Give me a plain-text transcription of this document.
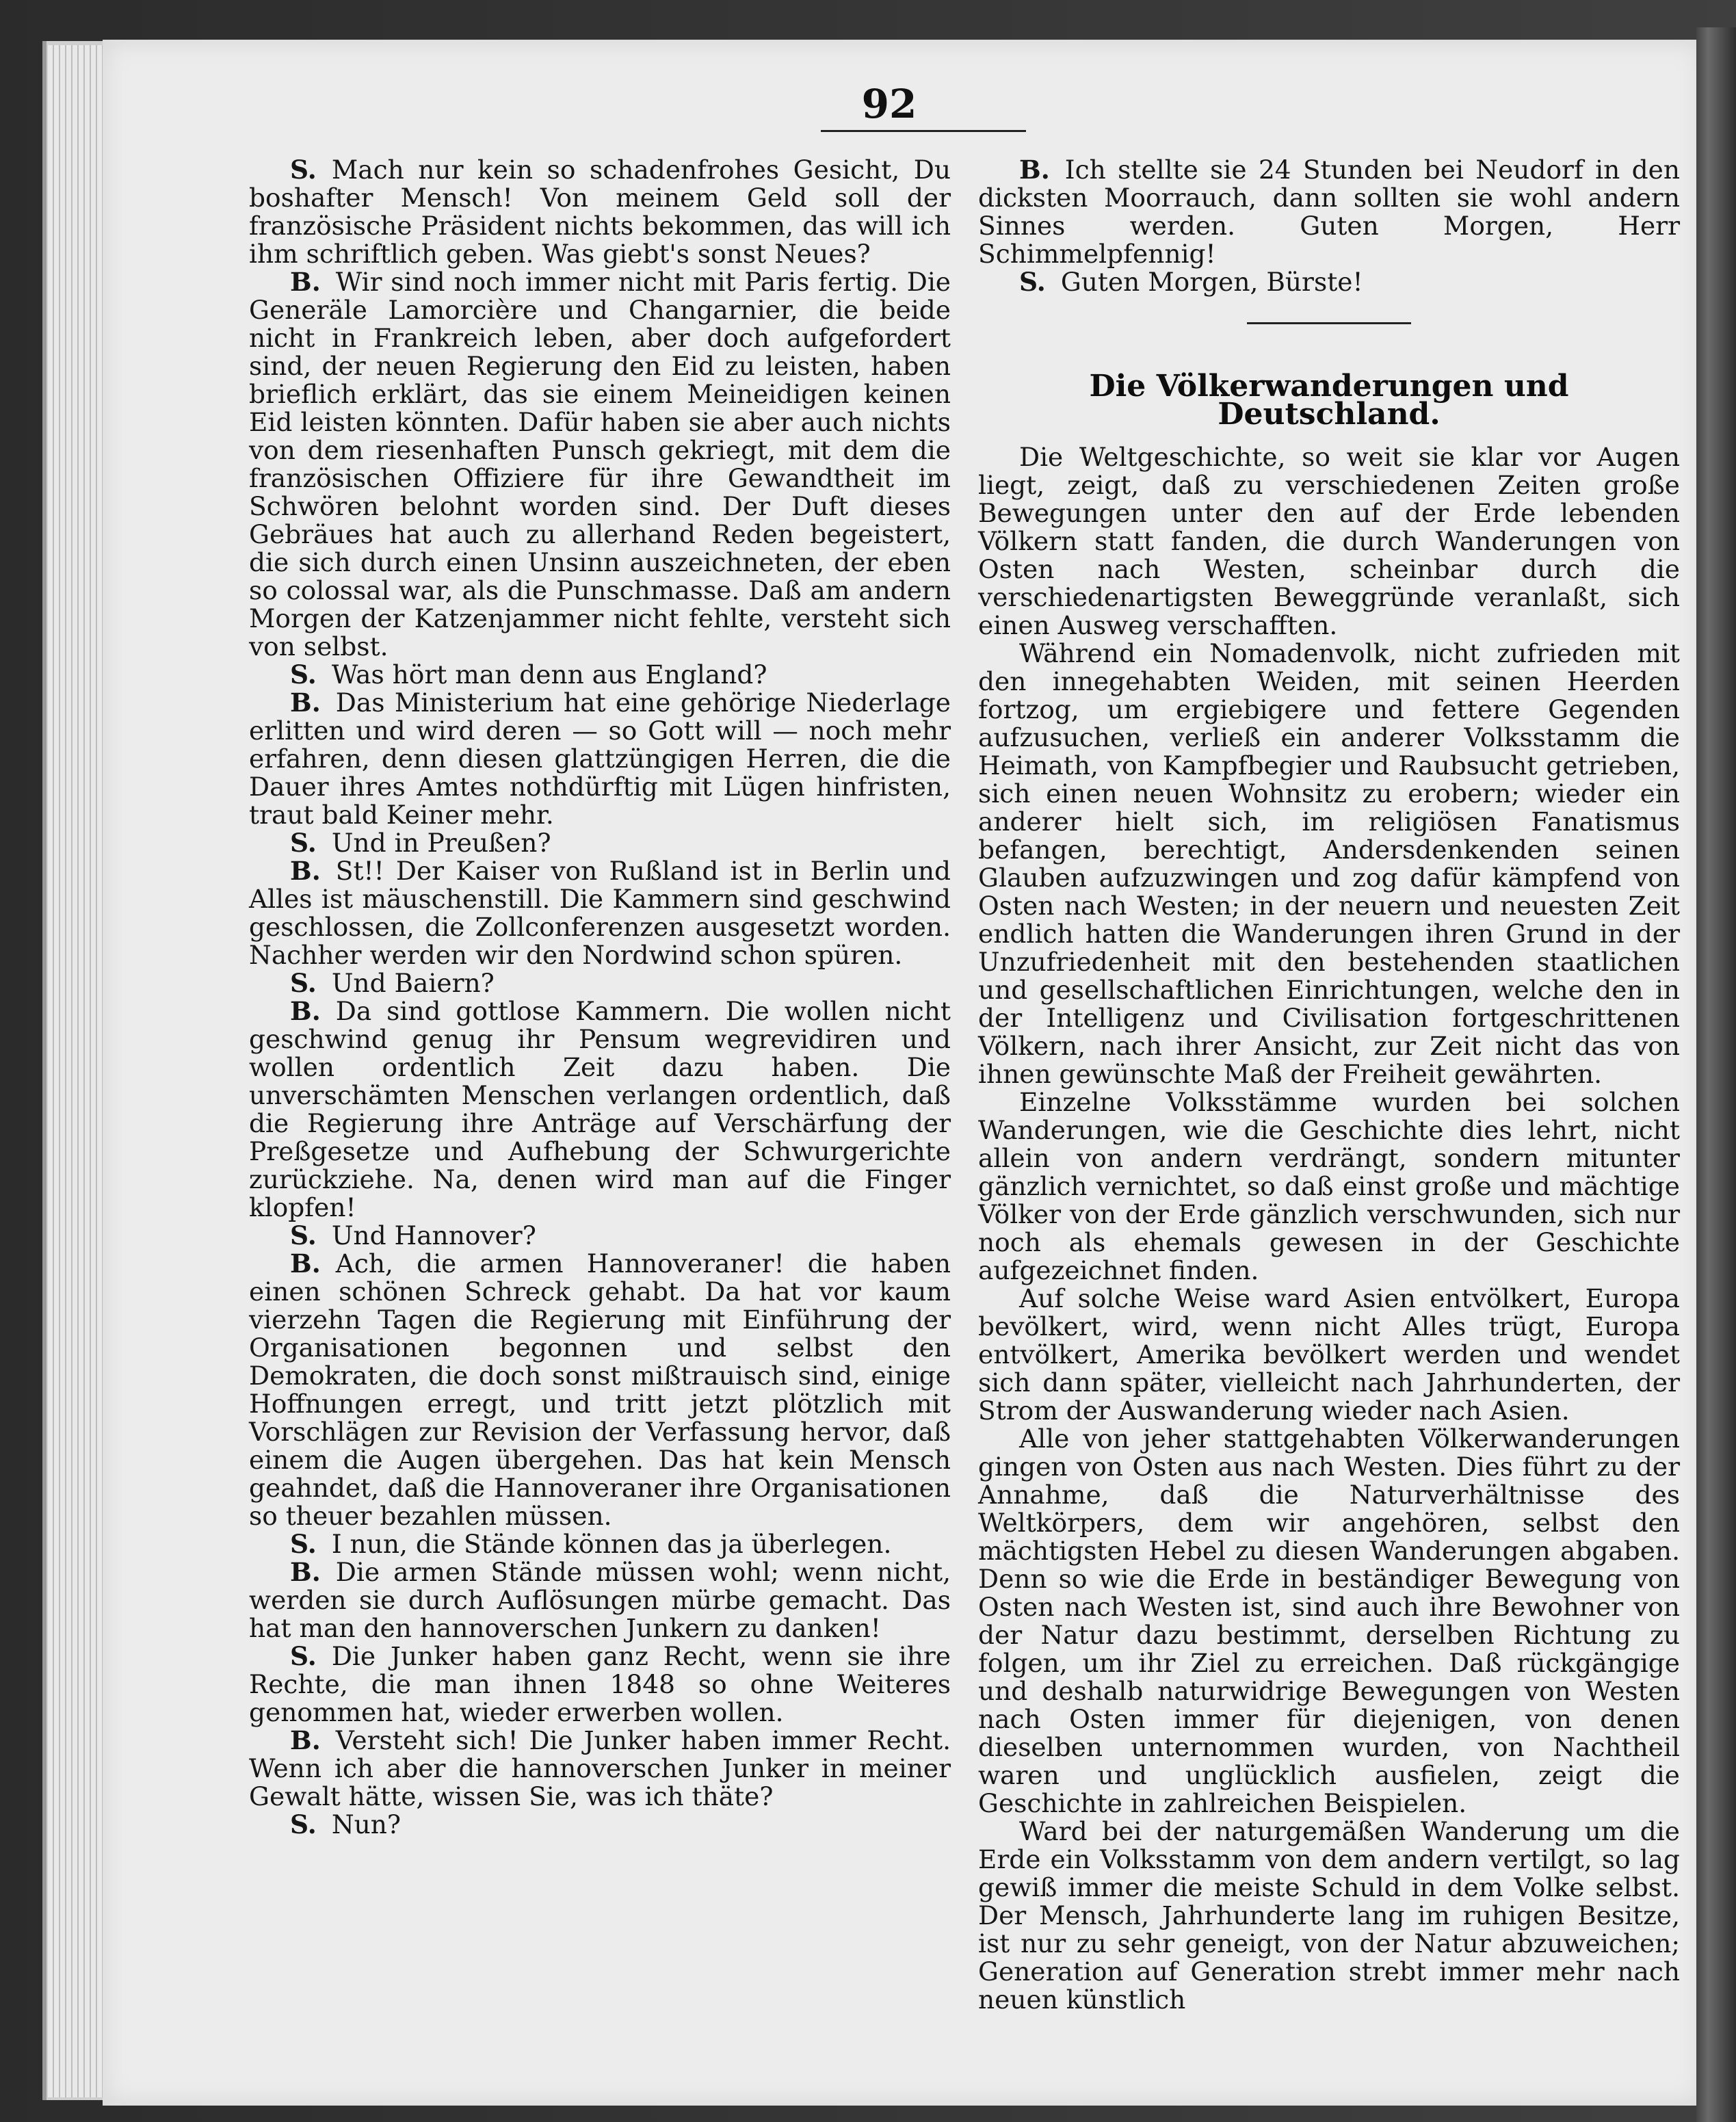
92

S. Mach nur kein so schadenfrohes Gesicht, Du boshafter Mensch! Von meinem Geld soll der französische Präsident nichts bekommen, das will ich ihm schriftlich geben. Was giebt's sonst Neues?

B. Wir sind noch immer nicht mit Paris fertig. Die Generäle Lamorcière und Changarnier, die beide nicht in Frankreich leben, aber doch aufgefordert sind, der neuen Regierung den Eid zu leisten, haben brieflich erklärt, das sie einem Meineidigen keinen Eid leisten könnten. Dafür haben sie aber auch nichts von dem riesenhaften Punsch gekriegt, mit dem die französischen Offiziere für ihre Gewandtheit im Schwören belohnt worden sind. Der Duft dieses Gebräues hat auch zu allerhand Reden begeistert, die sich durch einen Unsinn auszeichneten, der eben so colossal war, als die Punschmasse. Daß am andern Morgen der Katzenjammer nicht fehlte, versteht sich von selbst.

S. Was hört man denn aus England?

B. Das Ministerium hat eine gehörige Niederlage erlitten und wird deren — so Gott will — noch mehr erfahren, denn diesen glattzüngigen Herren, die die Dauer ihres Amtes nothdürftig mit Lügen hinfristen, traut bald Keiner mehr.

S. Und in Preußen?

B. St!! Der Kaiser von Rußland ist in Berlin und Alles ist mäuschenstill. Die Kammern sind geschwind geschlossen, die Zollconferenzen ausgesetzt worden. Nachher werden wir den Nordwind schon spüren.

S. Und Baiern?

B. Da sind gottlose Kammern. Die wollen nicht geschwind genug ihr Pensum wegrevidiren und wollen ordentlich Zeit dazu haben. Die unverschämten Menschen verlangen ordentlich, daß die Regierung ihre Anträge auf Verschärfung der Preßgesetze und Aufhebung der Schwurgerichte zurückziehe. Na, denen wird man auf die Finger klopfen!

S. Und Hannover?

B. Ach, die armen Hannoveraner! die haben einen schönen Schreck gehabt. Da hat vor kaum vierzehn Tagen die Regierung mit Einführung der Organisationen begonnen und selbst den Demokraten, die doch sonst mißtrauisch sind, einige Hoffnungen erregt, und tritt jetzt plötzlich mit Vorschlägen zur Revision der Verfassung hervor, daß einem die Augen übergehen. Das hat kein Mensch geahndet, daß die Hannoveraner ihre Organisationen so theuer bezahlen müssen.

S. I nun, die Stände können das ja überlegen.

B. Die armen Stände müssen wohl; wenn nicht, werden sie durch Auflösungen mürbe gemacht. Das hat man den hannoverschen Junkern zu danken!

S. Die Junker haben ganz Recht, wenn sie ihre Rechte, die man ihnen 1848 so ohne Weiteres genommen hat, wieder erwerben wollen.

B. Versteht sich! Die Junker haben immer Recht. Wenn ich aber die hannoverschen Junker in meiner Gewalt hätte, wissen Sie, was ich thäte?

S. Nun?

B. Ich stellte sie 24 Stunden bei Neudorf in den dicksten Moorrauch, dann sollten sie wohl andern Sinnes werden. Guten Morgen, Herr Schimmelpfennig!

S. Guten Morgen, Bürste!

Die Völkerwanderungen und Deutschland.

Die Weltgeschichte, so weit sie klar vor Augen liegt, zeigt, daß zu verschiedenen Zeiten große Bewegungen unter den auf der Erde lebenden Völkern statt fanden, die durch Wanderungen von Osten nach Westen, scheinbar durch die verschiedenartigsten Beweggründe veranlaßt, sich einen Ausweg verschafften.

Während ein Nomadenvolk, nicht zufrieden mit den innegehabten Weiden, mit seinen Heerden fortzog, um ergiebigere und fettere Gegenden aufzusuchen, verließ ein anderer Volksstamm die Heimath, von Kampfbegier und Raubsucht getrieben, sich einen neuen Wohnsitz zu erobern; wieder ein anderer hielt sich, im religiösen Fanatismus befangen, berechtigt, Andersdenkenden seinen Glauben aufzuzwingen und zog dafür kämpfend von Osten nach Westen; in der neuern und neuesten Zeit endlich hatten die Wanderungen ihren Grund in der Unzufriedenheit mit den bestehenden staatlichen und gesellschaftlichen Einrichtungen, welche den in der Intelligenz und Civilisation fortgeschrittenen Völkern, nach ihrer Ansicht, zur Zeit nicht das von ihnen gewünschte Maß der Freiheit gewährten.

Einzelne Volksstämme wurden bei solchen Wanderungen, wie die Geschichte dies lehrt, nicht allein von andern verdrängt, sondern mitunter gänzlich vernichtet, so daß einst große und mächtige Völker von der Erde gänzlich verschwunden, sich nur noch als ehemals gewesen in der Geschichte aufgezeichnet finden.

Auf solche Weise ward Asien entvölkert, Europa bevölkert, wird, wenn nicht Alles trügt, Europa entvölkert, Amerika bevölkert werden und wendet sich dann später, vielleicht nach Jahrhunderten, der Strom der Auswanderung wieder nach Asien.

Alle von jeher stattgehabten Völkerwanderungen gingen von Osten aus nach Westen. Dies führt zu der Annahme, daß die Naturverhältnisse des Weltkörpers, dem wir angehören, selbst den mächtigsten Hebel zu diesen Wanderungen abgaben. Denn so wie die Erde in beständiger Bewegung von Osten nach Westen ist, sind auch ihre Bewohner von der Natur dazu bestimmt, derselben Richtung zu folgen, um ihr Ziel zu erreichen. Daß rückgängige und deshalb naturwidrige Bewegungen von Westen nach Osten immer für diejenigen, von denen dieselben unternommen wurden, von Nachtheil waren und unglücklich ausfielen, zeigt die Geschichte in zahlreichen Beispielen.

Ward bei der naturgemäßen Wanderung um die Erde ein Volksstamm von dem andern vertilgt, so lag gewiß immer die meiste Schuld in dem Volke selbst. Der Mensch, Jahrhunderte lang im ruhigen Besitze, ist nur zu sehr geneigt, von der Natur abzuweichen; Generation auf Generation strebt immer mehr nach neuen künstlich
